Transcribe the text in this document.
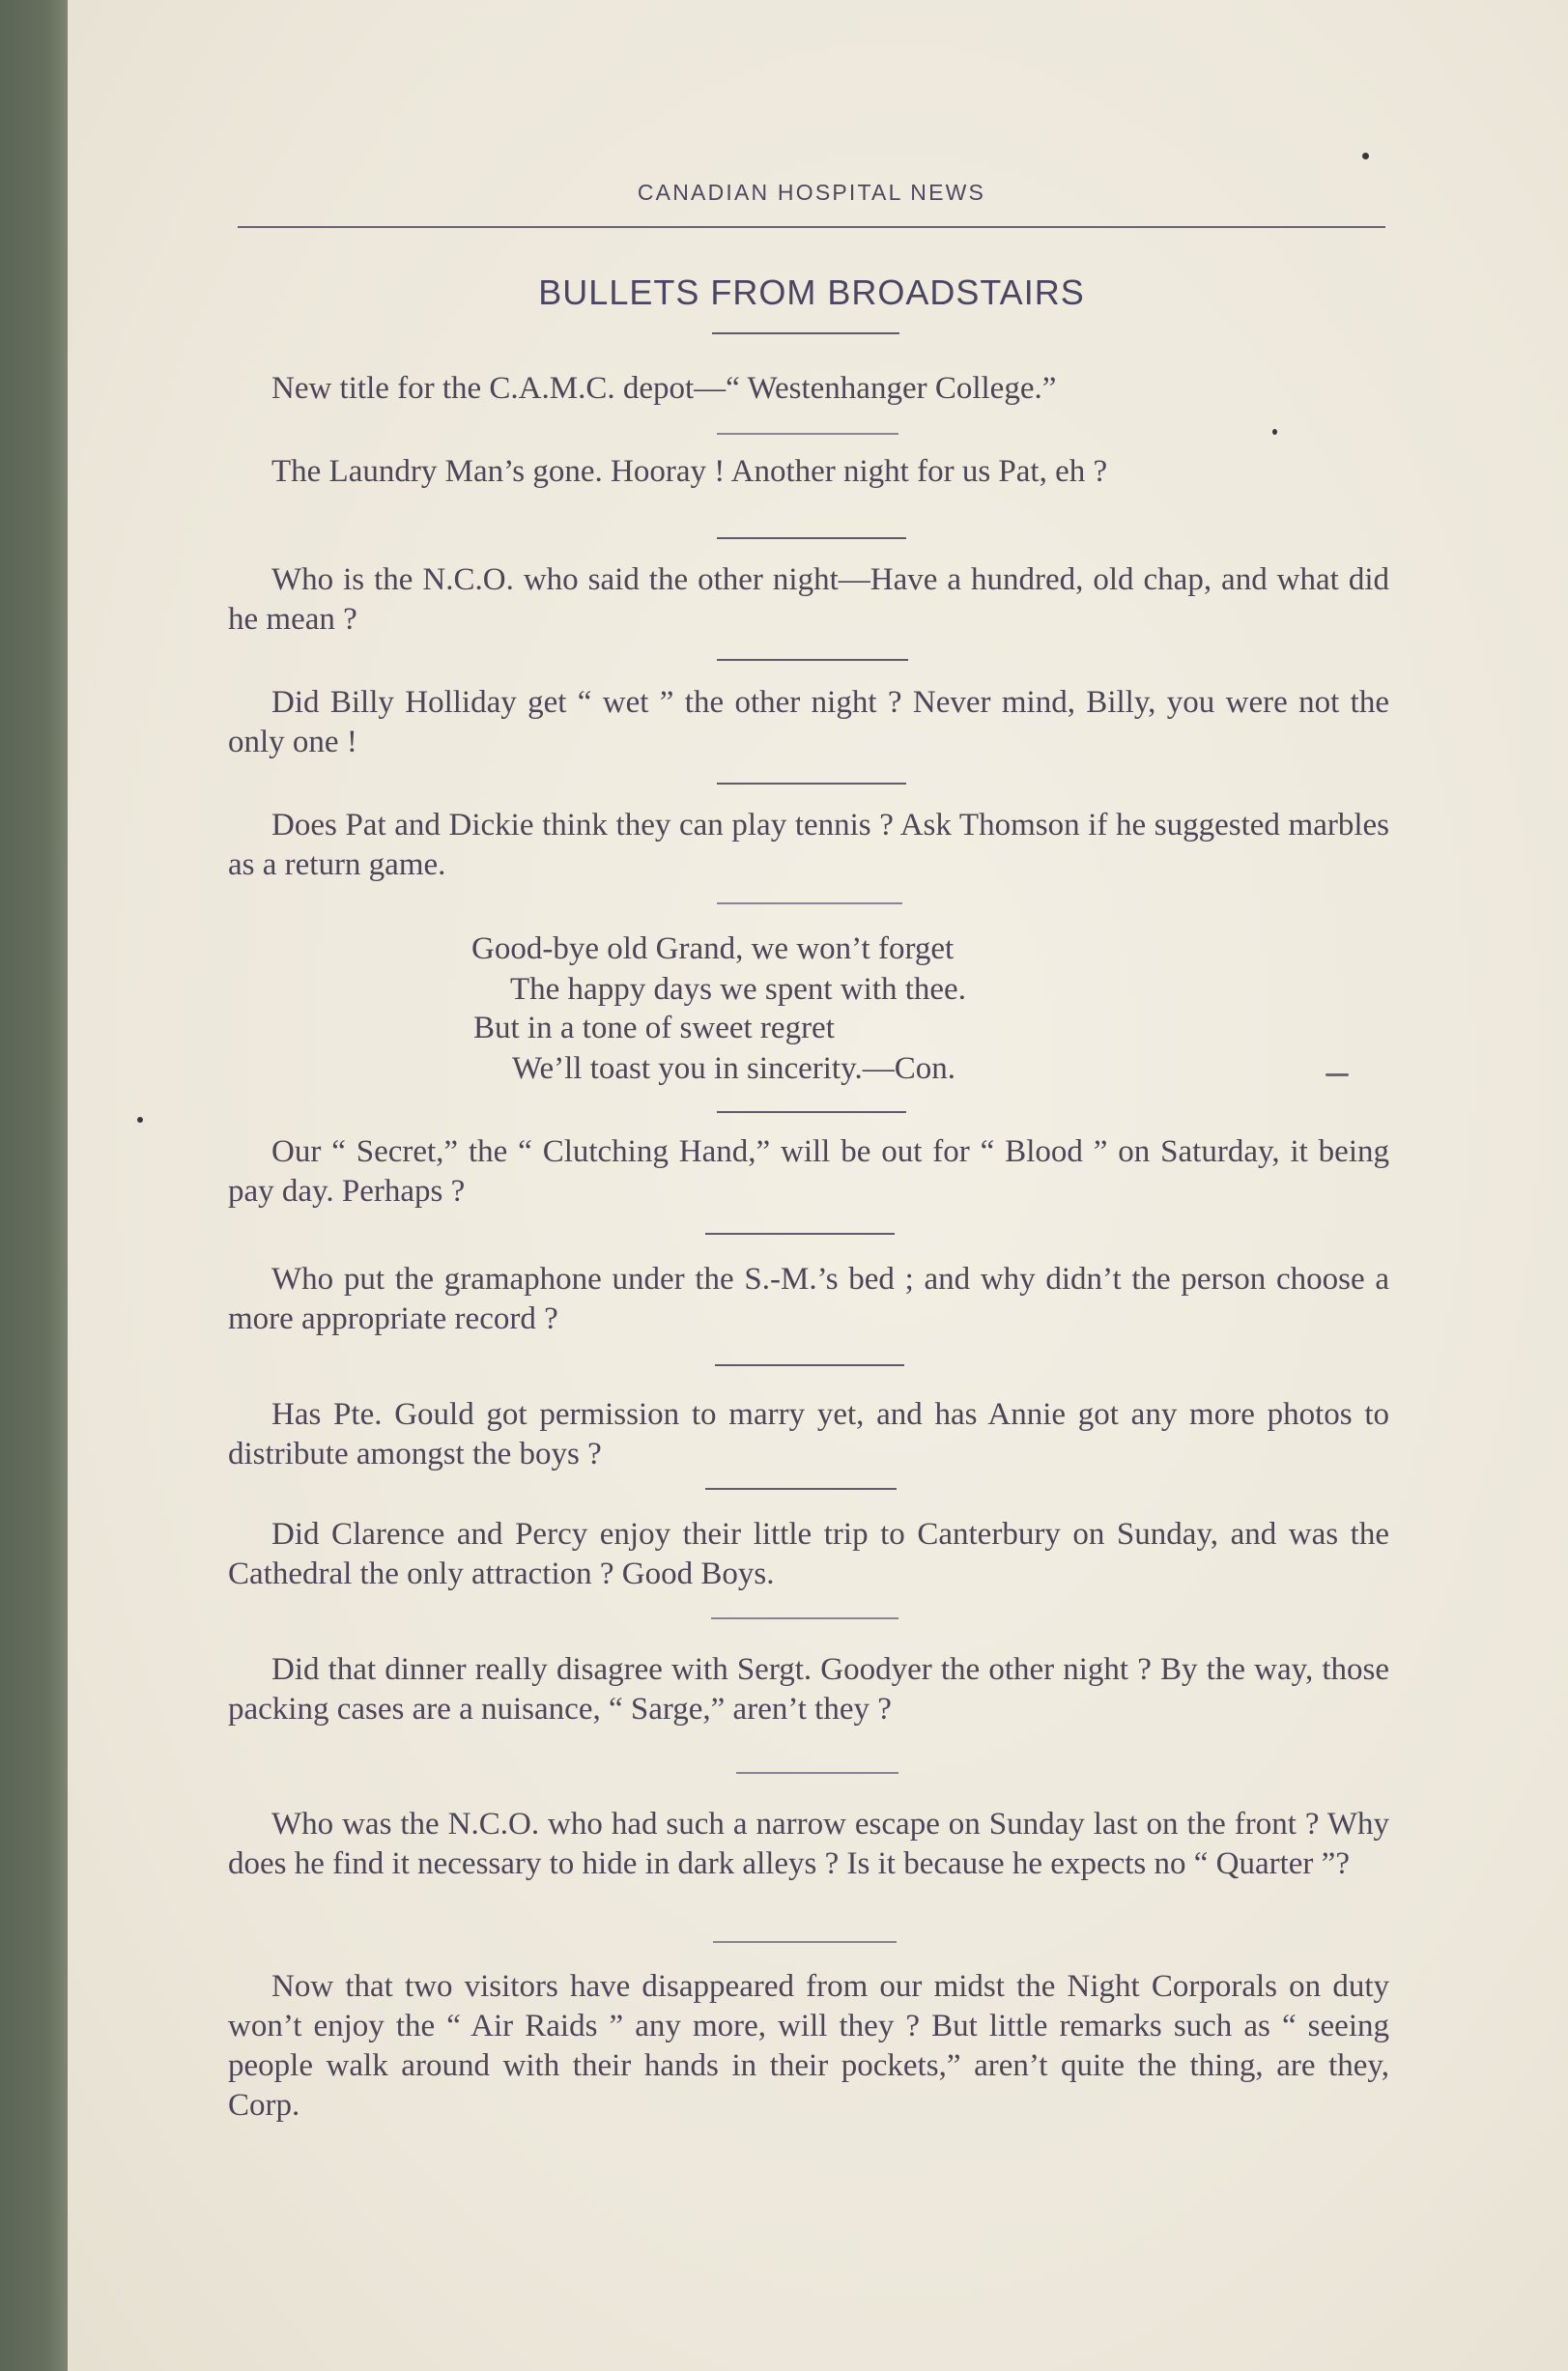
CANADIAN HOSPITAL NEWS
BULLETS FROM BROADSTAIRS

New title for the C.A.M.C. depot—“ Westenhanger College.”

The Laundry Man’s gone. Hooray ! Another night for us Pat, eh ?

Who is the N.C.O. who said the other night—Have a hundred, old chap, and what did he mean ?

Did Billy Holliday get “ wet ” the other night ? Never mind, Billy, you were not the only one !

Does Pat and Dickie think they can play tennis ? Ask Thomson if he suggested marbles as a return game.

Good-bye old Grand, we won’t forget
The happy days we spent with thee.
But in a tone of sweet regret
We’ll toast you in sincerity.—Con.

Our “ Secret,” the “ Clutching Hand,” will be out for “ Blood ” on Saturday, it being pay day. Perhaps ?

Who put the gramaphone under the S.-M.’s bed ; and why didn’t the person choose a more appropriate record ?

Has Pte. Gould got permission to marry yet, and has Annie got any more photos to distribute amongst the boys ?

Did Clarence and Percy enjoy their little trip to Canterbury on Sunday, and was the Cathedral the only attraction ? Good Boys.

Did that dinner really disagree with Sergt. Goodyer the other night ? By the way, those packing cases are a nuisance, “ Sarge,” aren’t they ?

Who was the N.C.O. who had such a narrow escape on Sunday last on the front ? Why does he find it necessary to hide in dark alleys ? Is it because he expects no “ Quarter ”?

Now that two visitors have disappeared from our midst the Night Corporals on duty won’t enjoy the “ Air Raids ” any more, will they ? But little remarks such as “ seeing people walk around with their hands in their pockets,” aren’t quite the thing, are they, Corp.
